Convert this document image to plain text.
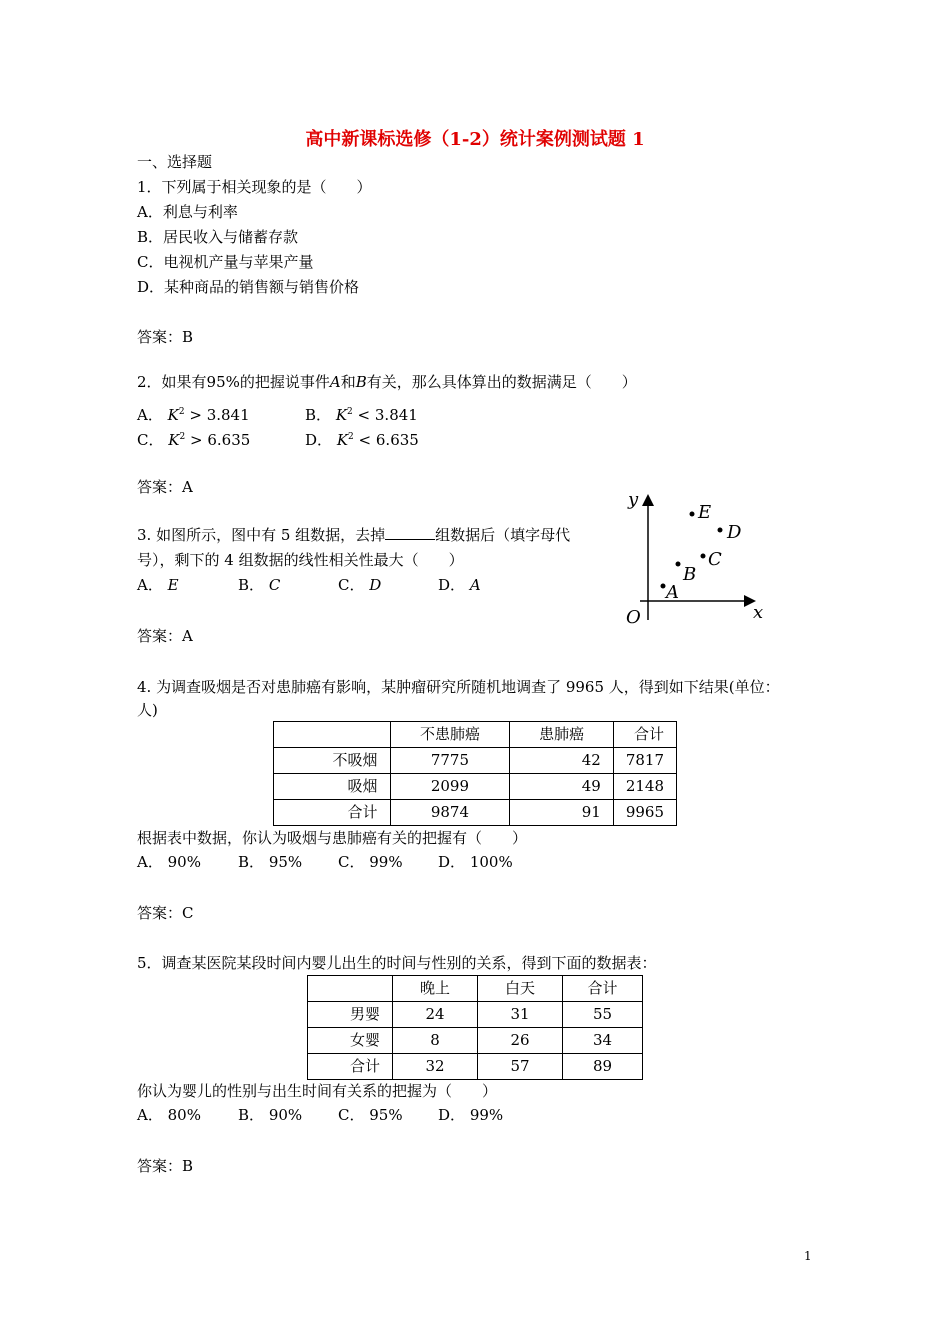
高中新课标选修（1-2）统计案例测试题 1
一、选择题
1．下列属于相关现象的是（　　）
A．利息与利率
B．居民收入与储蓄存款
C．电视机产量与苹果产量
D．某种商品的销售额与销售价格
答案：B
2．如果有95%的把握说事件A和B有关，那么具体算出的数据满足（　　）
A． $K^2 > 3.841$	B． $K^2 < 3.841$
C． $K^2 > 6.635$	D． $K^2 < 6.635$
答案：A
3. 如图所示，图中有 5 组数据，去掉	组数据后（填字母代
号），剩下的 4 组数据的线性相关性最大（　　）
A． E	B． C	C． D	D． A
答案：A
y
x
O
A
B
C
D
E
4. 为调查吸烟是否对患肺癌有影响，某肿瘤研究所随机地调查了 9965 人，得到如下结果(单位：
人)
	不患肺癌	患肺癌	合计
不吸烟	7775	42	7817
吸烟	2099	49	2148
合计	9874	91	9965
根据表中数据，你认为吸烟与患肺癌有关的把握有（　　）
A． 90% B． 95% C． 99% D． 100%
答案：C
5．调查某医院某段时间内婴儿出生的时间与性别的关系，得到下面的数据表：
	晚上	白天	合计
男婴	24	31	55
女婴	8	26	34
合计	32	57	89
你认为婴儿的性别与出生时间有关系的把握为（　　）
A． 80% B． 90% C． 95% D． 99%
答案：B
1
